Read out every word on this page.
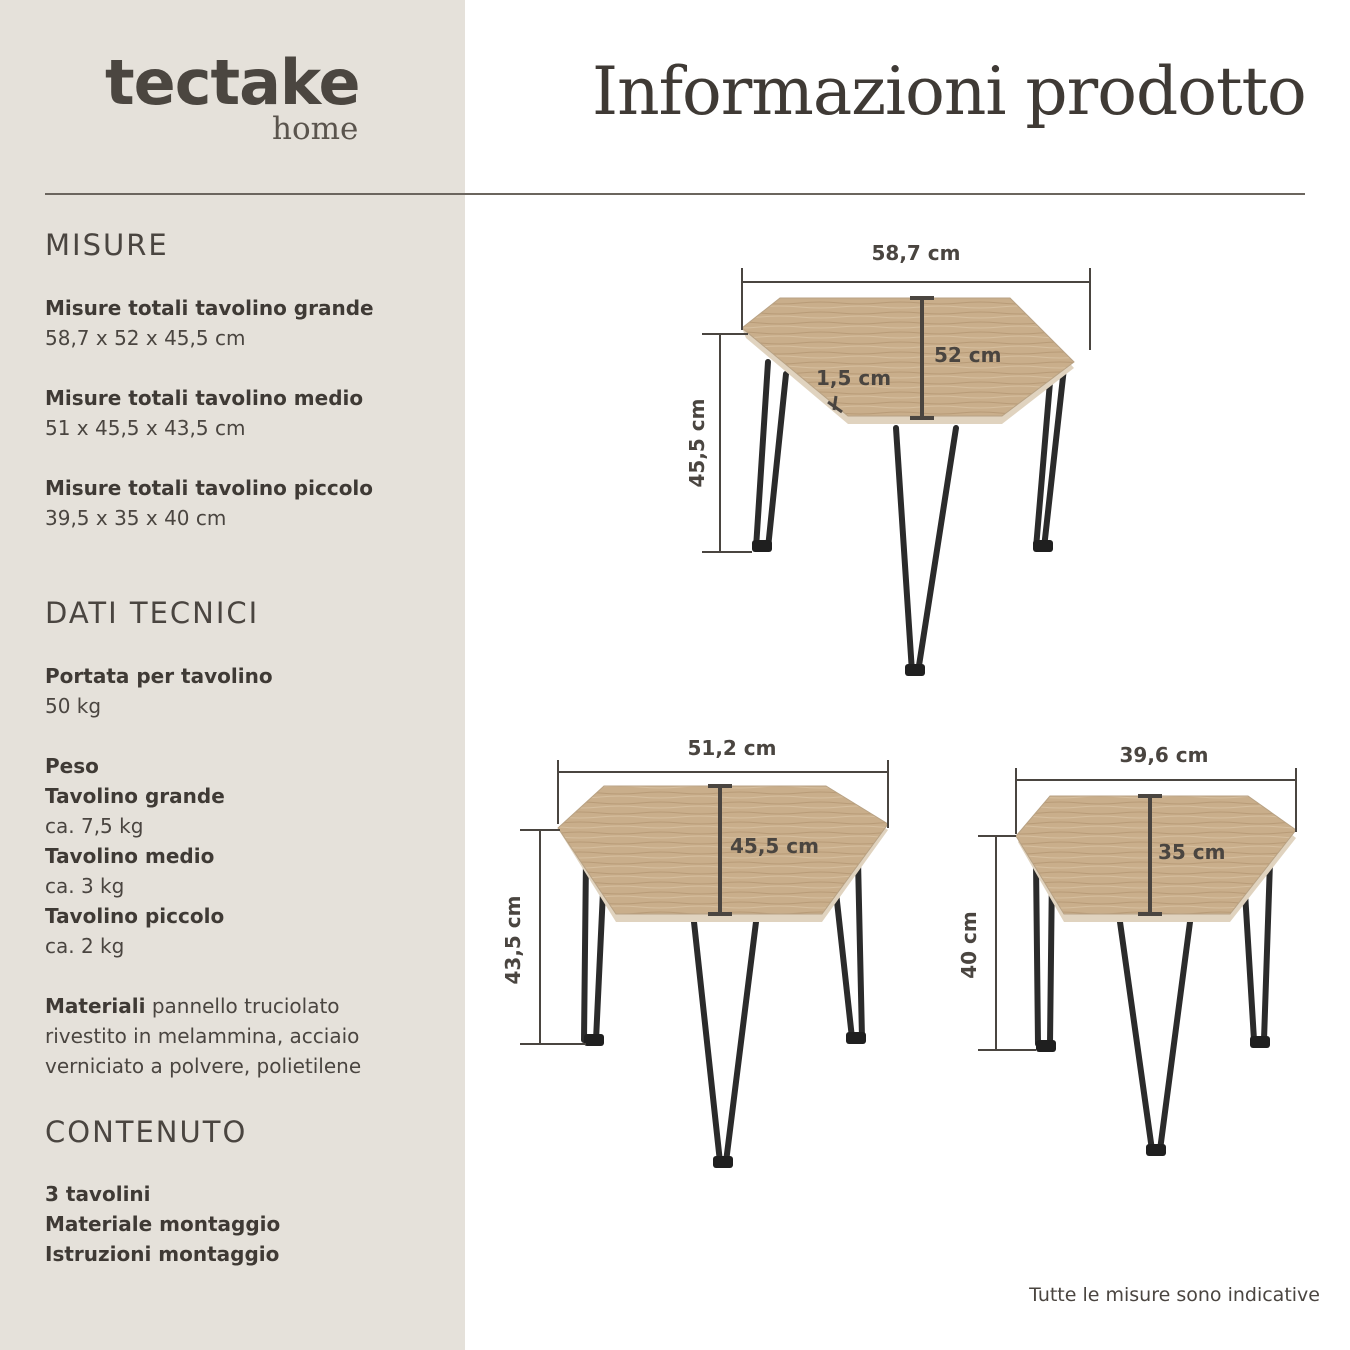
tectake
home	Informazioni prodotto
MISURE
Misure totali tavolino grande
58,7 x 52 x 45,5 cm
Misure totali tavolino medio
51 x 45,5 x 43,5 cm
Misure totali tavolino piccolo
39,5 x 35 x 40 cm
DATI TECNICI
Portata per tavolino
50 kg
Peso
Tavolino grande
ca. 7,5 kg
Tavolino medio
ca. 3 kg
Tavolino piccolo
ca. 2 kg
Materiali pannello truciolato
rivestito in melammina, acciaio
verniciato a polvere, polietilene
CONTENUTO
3 tavolini
Materiale montaggio
Istruzioni montaggio
58,7 cm
52 cm
1,5 cm
45,5 cm
51,2 cm
45,5 cm
43,5 cm
39,6 cm
35 cm
40 cm
Tutte le misure sono indicative
